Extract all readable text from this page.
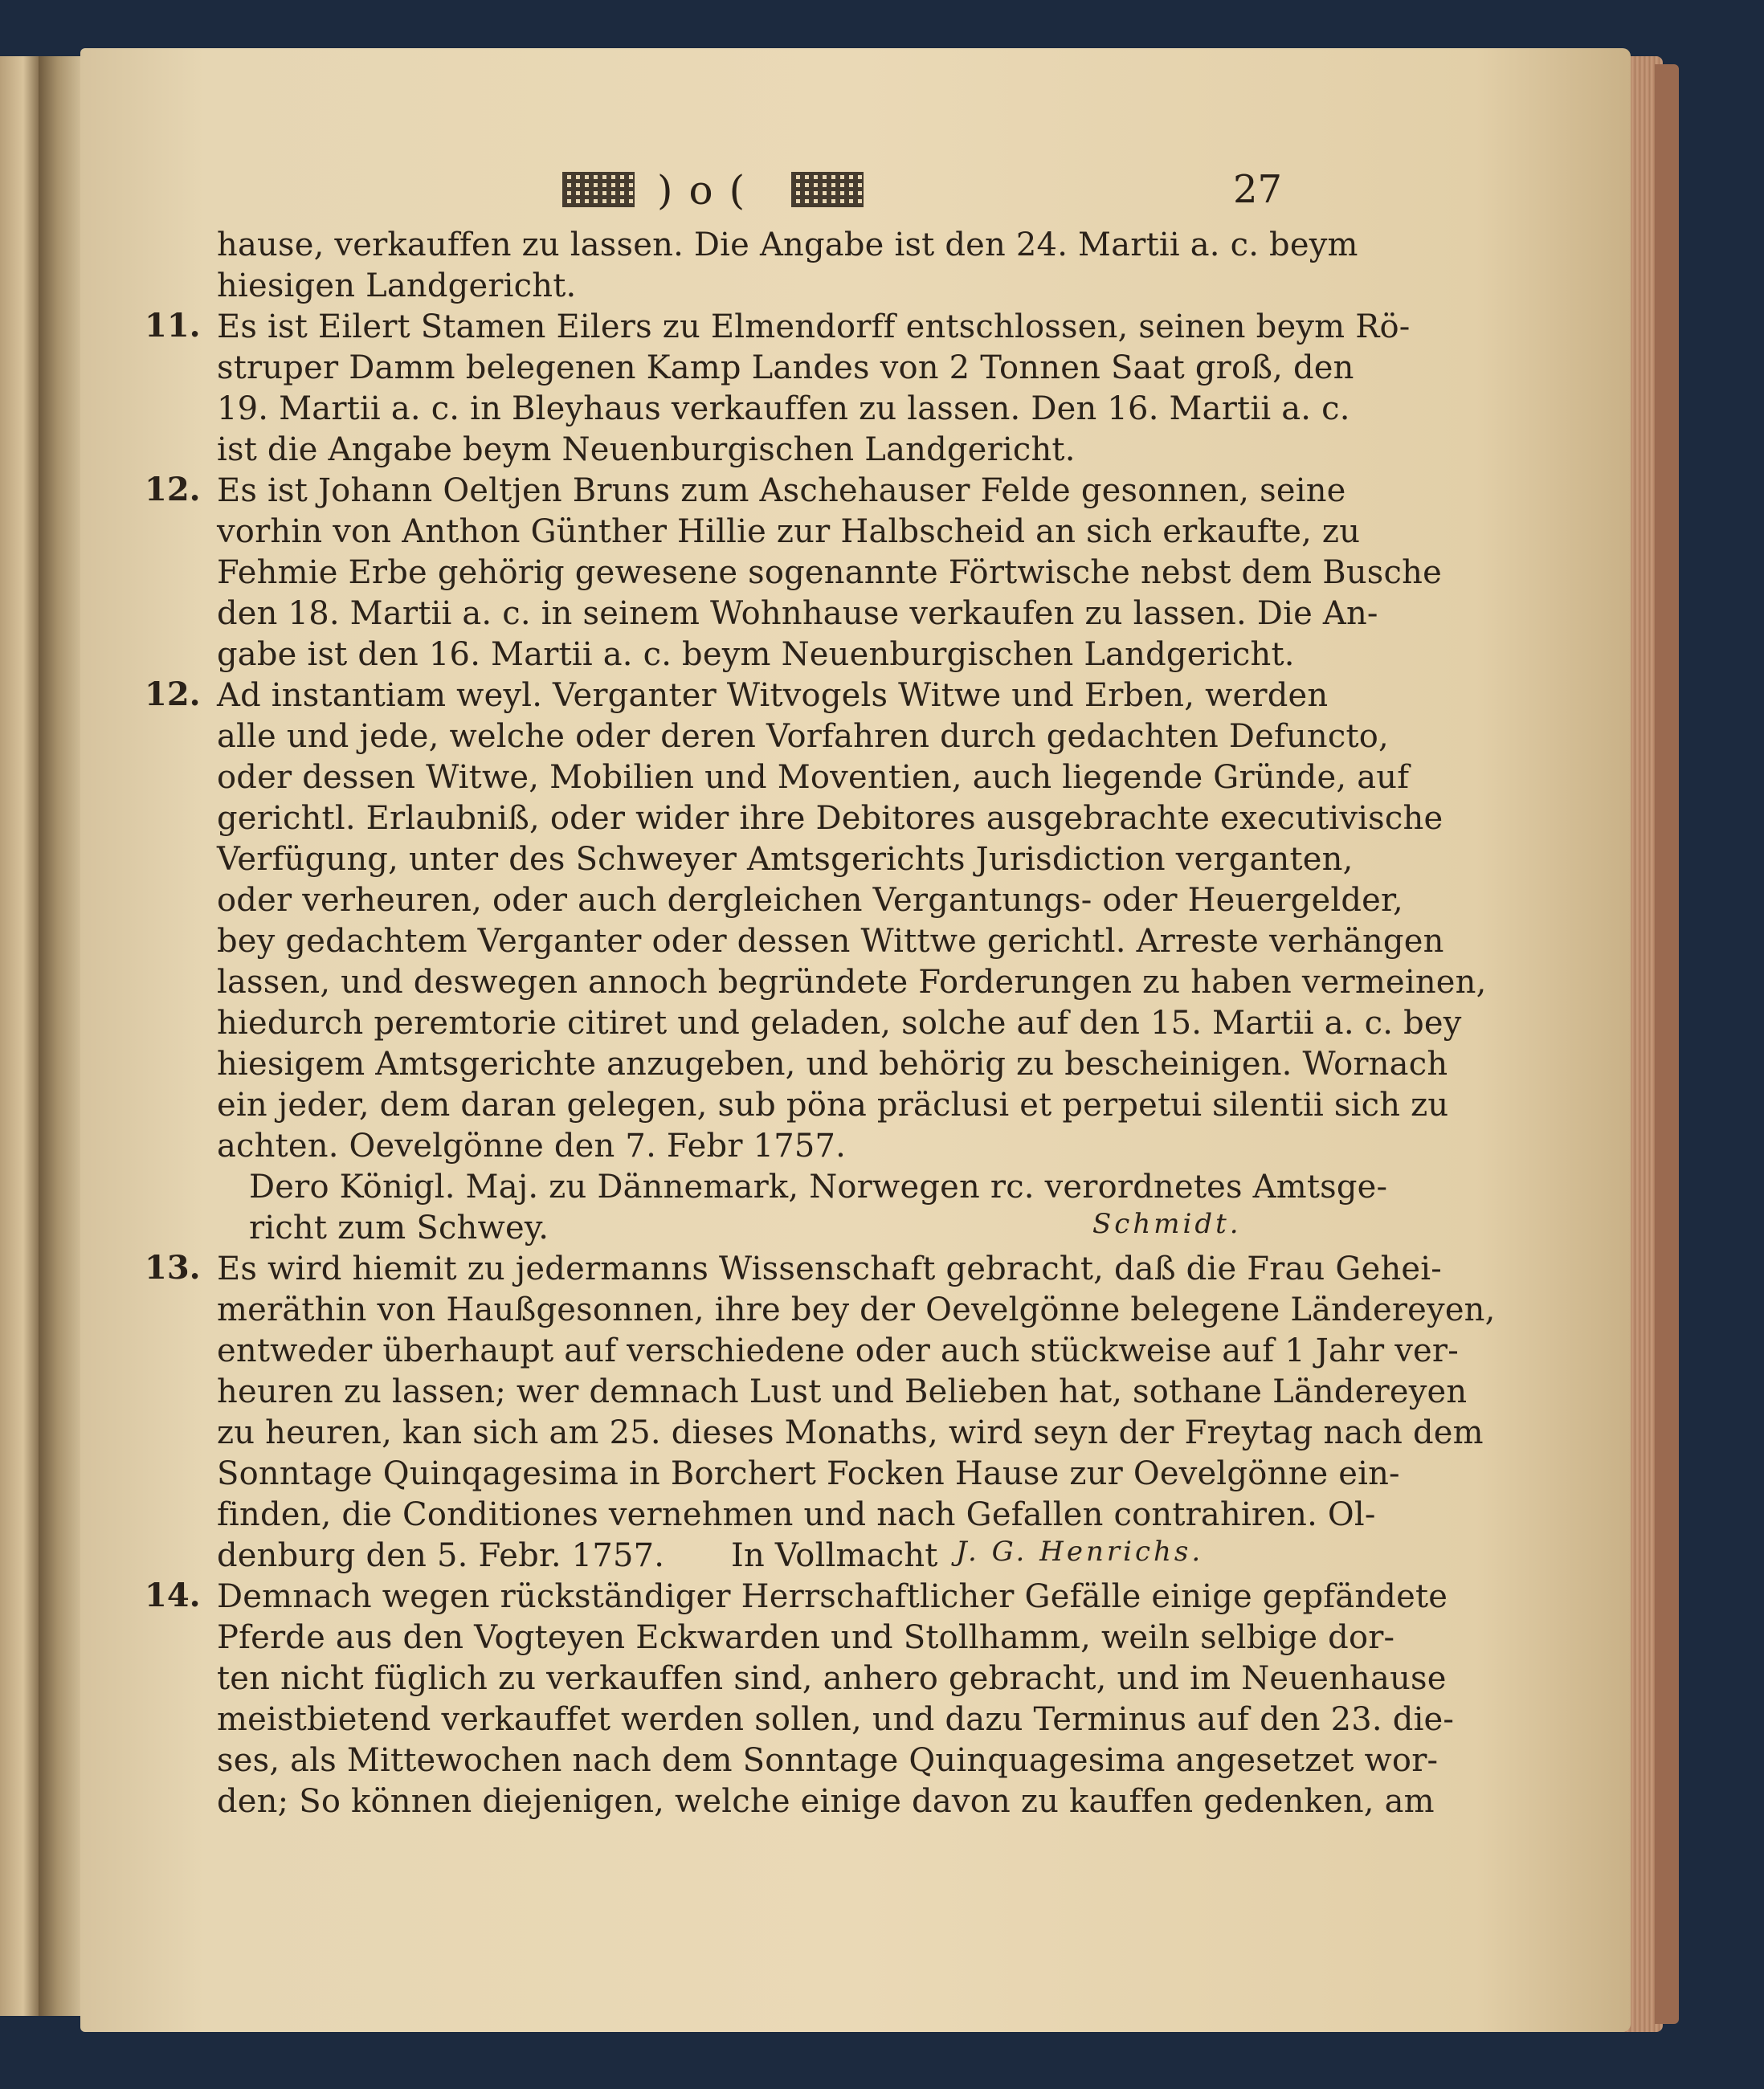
)o(	27
hause, verkauffen zu lassen. Die Angabe ist den 24. Martii a. c. beym
hiesigen Landgericht.
11. Es ist Eilert Stamen Eilers zu Elmendorff entschlossen, seinen beym Rö-
struper Damm belegenen Kamp Landes von 2 Tonnen Saat groß, den
19. Martii a. c. in Bleyhaus verkauffen zu lassen. Den 16. Martii a. c.
ist die Angabe beym Neuenburgischen Landgericht.
12. Es ist Johann Oeltjen Bruns zum Aschehauser Felde gesonnen, seine
vorhin von Anthon Günther Hillie zur Halbscheid an sich erkaufte, zu
Fehmie Erbe gehörig gewesene sogenannte Förtwische nebst dem Busche
den 18. Martii a. c. in seinem Wohnhause verkaufen zu lassen. Die An-
gabe ist den 16. Martii a. c. beym Neuenburgischen Landgericht.
12. Ad instantiam weyl. Verganter Witvogels Witwe und Erben, werden
alle und jede, welche oder deren Vorfahren durch gedachten Defuncto,
oder dessen Witwe, Mobilien und Moventien, auch liegende Gründe, auf
gerichtl. Erlaubniß, oder wider ihre Debitores ausgebrachte executivische
Verfügung, unter des Schweyer Amtsgerichts Jurisdiction verganten,
oder verheuren, oder auch dergleichen Vergantungs- oder Heuergelder,
bey gedachtem Verganter oder dessen Wittwe gerichtl. Arreste verhängen
lassen, und deswegen annoch begründete Forderungen zu haben vermeinen,
hiedurch peremtorie citiret und geladen, solche auf den 15. Martii a. c. bey
hiesigem Amtsgerichte anzugeben, und behörig zu bescheinigen. Wornach
ein jeder, dem daran gelegen, sub pöna präclusi et perpetui silentii sich zu
achten. Oevelgönne den 7. Febr 1757.
Dero Königl. Maj. zu Dännemark, Norwegen rc. verordnetes Amtsge-
richt zum Schwey.	Schmidt.
13. Es wird hiemit zu jedermanns Wissenschaft gebracht, daß die Frau Gehei-
meräthin von Haußgesonnen, ihre bey der Oevelgönne belegene Ländereyen,
entweder überhaupt auf verschiedene oder auch stückweise auf 1 Jahr ver-
heuren zu lassen; wer demnach Lust und Belieben hat, sothane Ländereyen
zu heuren, kan sich am 25. dieses Monaths, wird seyn der Freytag nach dem
Sonntage Quinqagesima in Borchert Focken Hause zur Oevelgönne ein-
finden, die Conditiones vernehmen und nach Gefallen contrahiren. Ol-
denburg den 5. Febr. 1757.	In Vollmacht J. G. Henrichs.
14. Demnach wegen rückständiger Herrschaftlicher Gefälle einige gepfändete
Pferde aus den Vogteyen Eckwarden und Stollhamm, weiln selbige dor-
ten nicht füglich zu verkauffen sind, anhero gebracht, und im Neuenhause
meistbietend verkauffet werden sollen, und dazu Terminus auf den 23. die-
ses, als Mittewochen nach dem Sonntage Quinquagesima angesetzet wor-
den; So können diejenigen, welche einige davon zu kauffen gedenken, am
